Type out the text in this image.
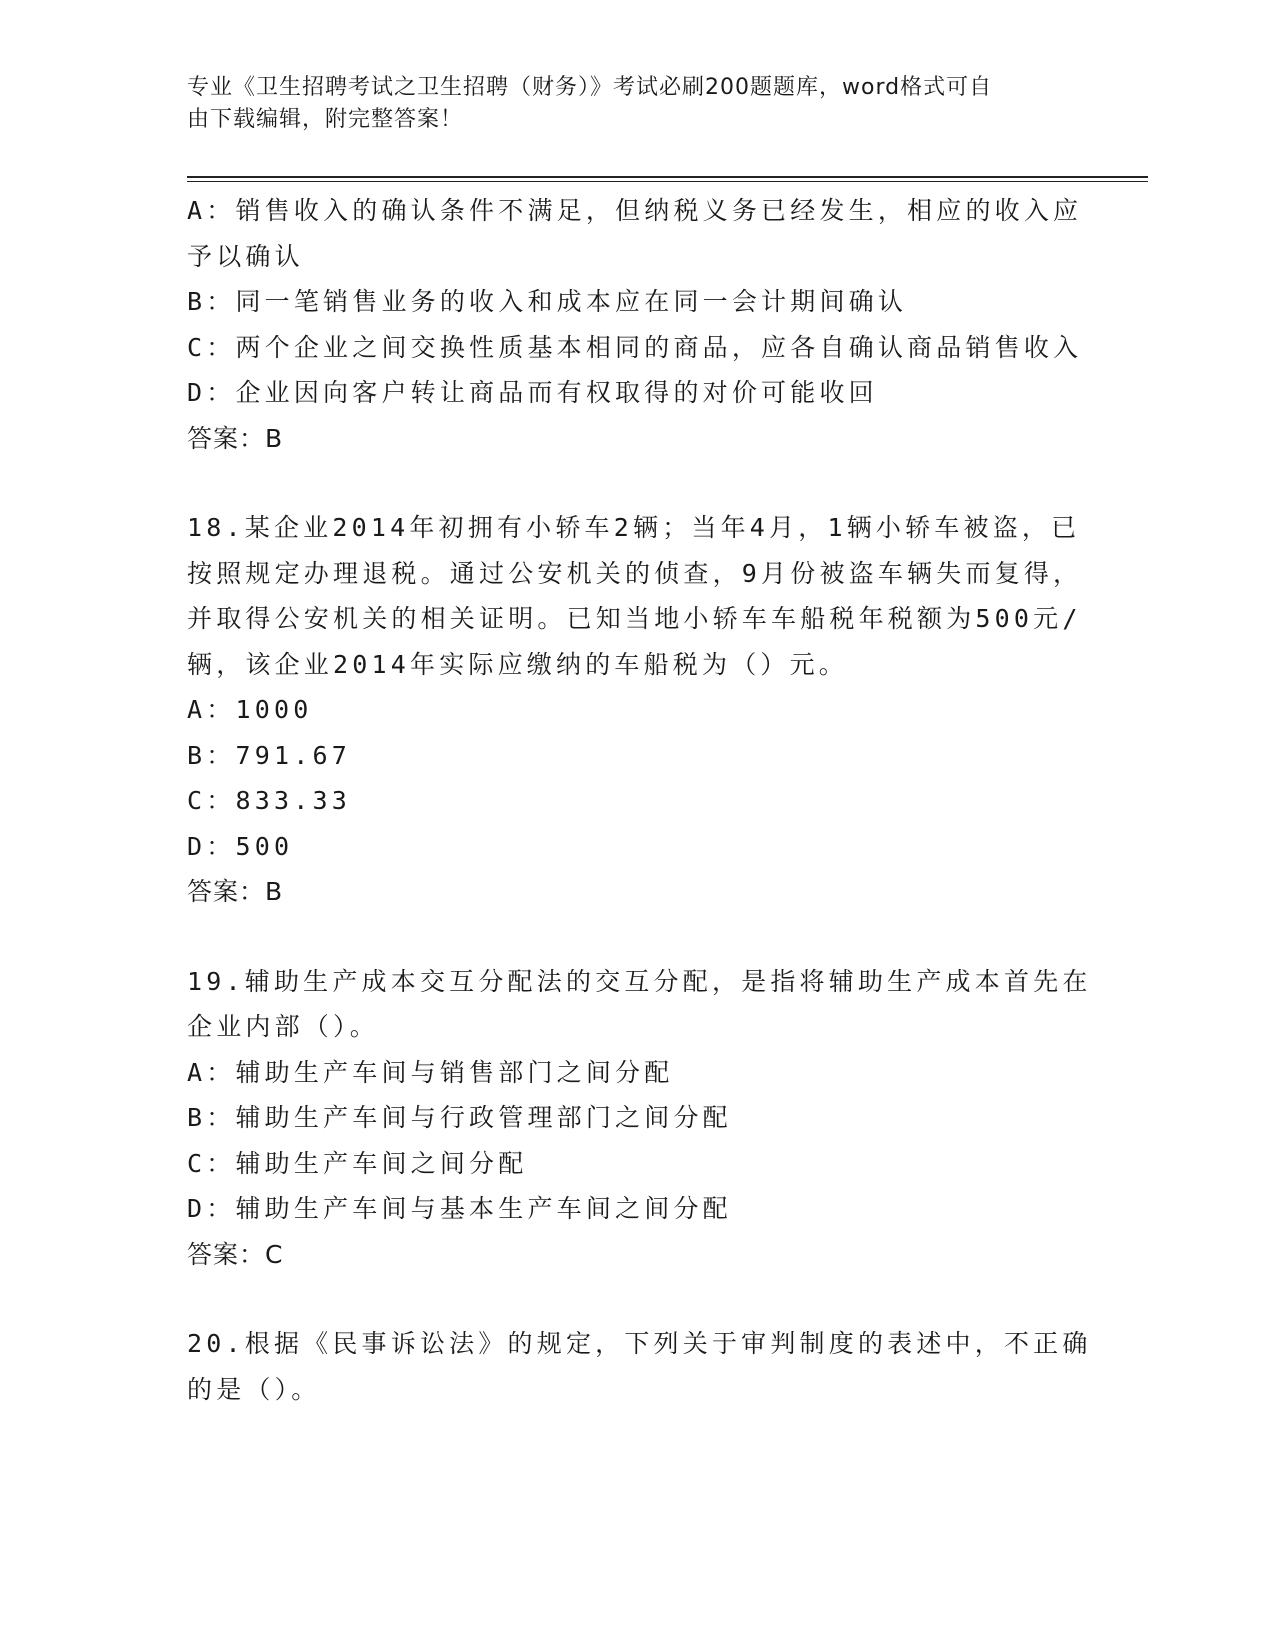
专业《卫生招聘考试之卫生招聘（财务）》考试必刷200题题库，word格式可自
由下载编辑，附完整答案！
A：销售收入的确认条件不满足，但纳税义务已经发生，相应的收入应
予以确认
B：同一笔销售业务的收入和成本应在同一会计期间确认
C：两个企业之间交换性质基本相同的商品，应各自确认商品销售收入
D：企业因向客户转让商品而有权取得的对价可能收回
答案：B
18.某企业2014年初拥有小轿车2辆；当年4月，1辆小轿车被盗，已
按照规定办理退税。通过公安机关的侦查，9月份被盗车辆失而复得，
并取得公安机关的相关证明。已知当地小轿车车船税年税额为500元/
辆，该企业2014年实际应缴纳的车船税为（）元。
A：1000
B：791.67
C：833.33
D：500
答案：B
19.辅助生产成本交互分配法的交互分配，是指将辅助生产成本首先在
企业内部（）。
A：辅助生产车间与销售部门之间分配
B：辅助生产车间与行政管理部门之间分配
C：辅助生产车间之间分配
D：辅助生产车间与基本生产车间之间分配
答案：C
20.根据《民事诉讼法》的规定，下列关于审判制度的表述中，不正确
的是（）。
